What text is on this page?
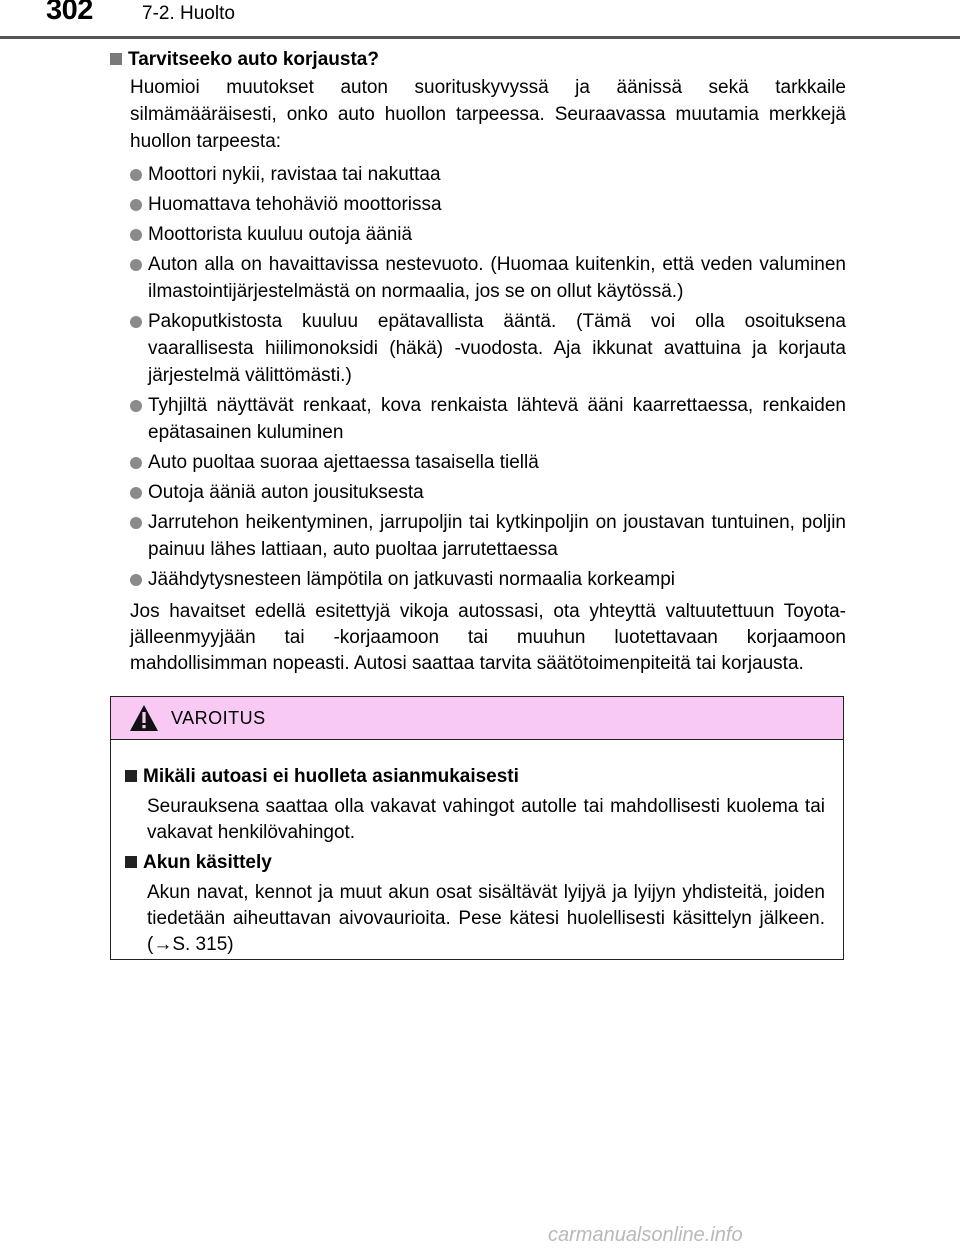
302	7-2. Huolto
Tarvitseeko auto korjausta?
Huomioi muutokset auton suorituskyvyssä ja äänissä sekä tarkkaile silmämääräisesti, onko auto huollon tarpeessa. Seuraavassa muutamia merkkejä huollon tarpeesta:
Moottori nykii, ravistaa tai nakuttaa
Huomattava tehohäviö moottorissa
Moottorista kuuluu outoja ääniä
Auton alla on havaittavissa nestevuoto. (Huomaa kuitenkin, että veden valuminen ilmastointijärjestelmästä on normaalia, jos se on ollut käytössä.)
Pakoputkistosta kuuluu epätavallista ääntä. (Tämä voi olla osoituksena vaarallisesta hiilimonoksidi (häkä) -vuodosta. Aja ikkunat avattuina ja korjauta järjestelmä välittömästi.)
Tyhjiltä näyttävät renkaat, kova renkaista lähtevä ääni kaarrettaessa, renkaiden epätasainen kuluminen
Auto puoltaa suoraa ajettaessa tasaisella tiellä
Outoja ääniä auton jousituksesta
Jarrutehon heikentyminen, jarrupoljin tai kytkinpoljin on joustavan tuntuinen, poljin painuu lähes lattiaan, auto puoltaa jarrutettaessa
Jäähdytysnesteen lämpötila on jatkuvasti normaalia korkeampi
Jos havaitset edellä esitettyjä vikoja autossasi, ota yhteyttä valtuutettuun Toyota-jälleenmyyjään tai -korjaamoon tai muuhun luotettavaan korjaamoon mahdollisimman nopeasti. Autosi saattaa tarvita säätötoimenpiteitä tai korjausta.
VAROITUS
Mikäli autoasi ei huolleta asianmukaisesti
Seurauksena saattaa olla vakavat vahingot autolle tai mahdollisesti kuolema tai vakavat henkilövahingot.
Akun käsittely
Akun navat, kennot ja muut akun osat sisältävät lyijyä ja lyijyn yhdisteitä, joiden tiedetään aiheuttavan aivovaurioita. Pese kätesi huolellisesti käsittelyn jälkeen. (→S. 315)
carmanualsonline.info
